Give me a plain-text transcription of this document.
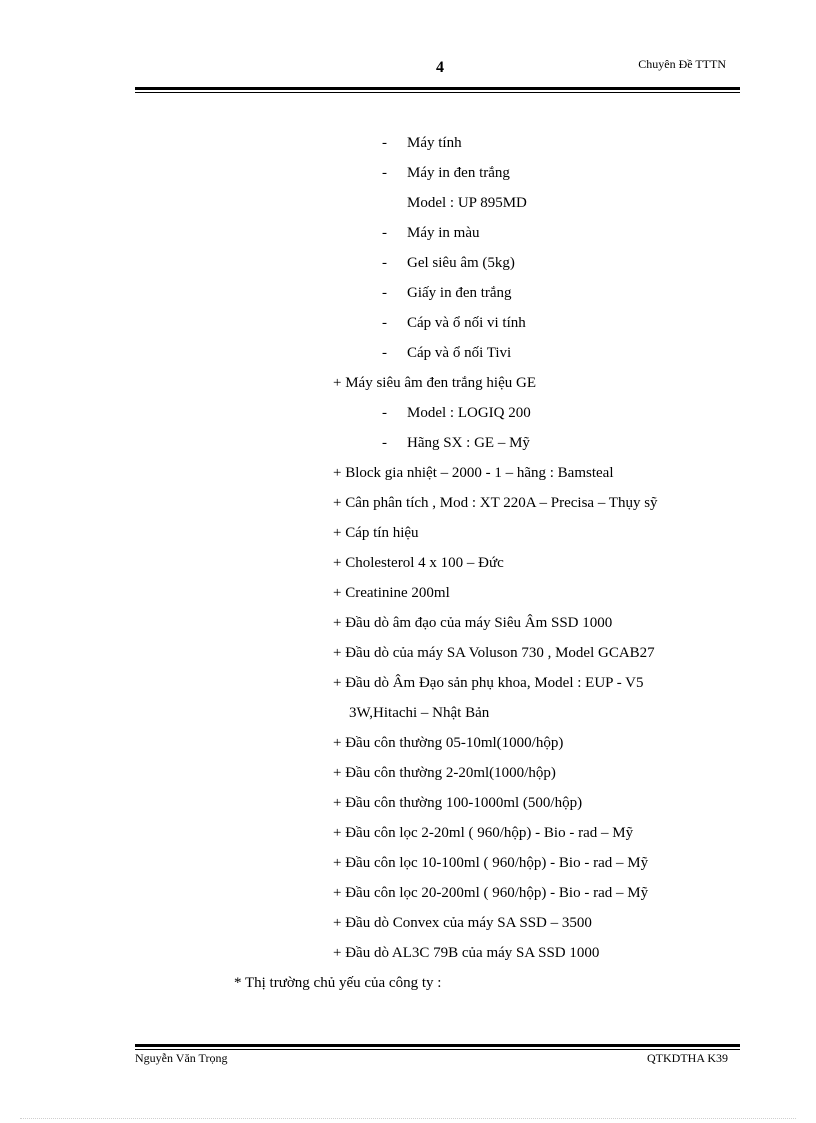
4	Chuyên Đề TTTN
- Máy tính
- Máy in đen trắng
Model : UP 895MD
- Máy in màu
- Gel siêu âm (5kg)
- Giấy in đen trắng
- Cáp và ổ nối vi tính
- Cáp và ổ nối Tivi
+ Máy siêu âm đen trắng hiệu GE
- Model : LOGIQ 200
- Hãng SX : GE – Mỹ
+ Block gia nhiệt – 2000 - 1 – hãng : Bamsteal
+ Cân phân tích , Mod : XT 220A – Precisa – Thụy sỹ
+ Cáp tín hiệu
+ Cholesterol 4 x 100 – Đức
+ Creatinine 200ml
+ Đầu dò âm đạo của máy Siêu Âm SSD 1000
+ Đầu dò của máy SA Voluson 730 , Model GCAB27
+ Đầu dò Âm Đạo sản phụ khoa, Model : EUP - V5
3W,Hitachi – Nhật Bản
+ Đầu côn thường 05-10ml(1000/hộp)
+ Đầu côn thường 2-20ml(1000/hộp)
+ Đầu côn thường 100-1000ml (500/hộp)
+ Đầu côn lọc 2-20ml ( 960/hộp) - Bio - rad – Mỹ
+ Đầu côn lọc 10-100ml ( 960/hộp) - Bio - rad – Mỹ
+ Đầu côn lọc 20-200ml ( 960/hộp) - Bio - rad – Mỹ
+ Đầu dò Convex của máy SA SSD – 3500
+ Đầu dò AL3C 79B của máy SA SSD 1000
* Thị trường chủ yếu của công ty :
Nguyễn Văn Trọng	QTKDTHA K39
